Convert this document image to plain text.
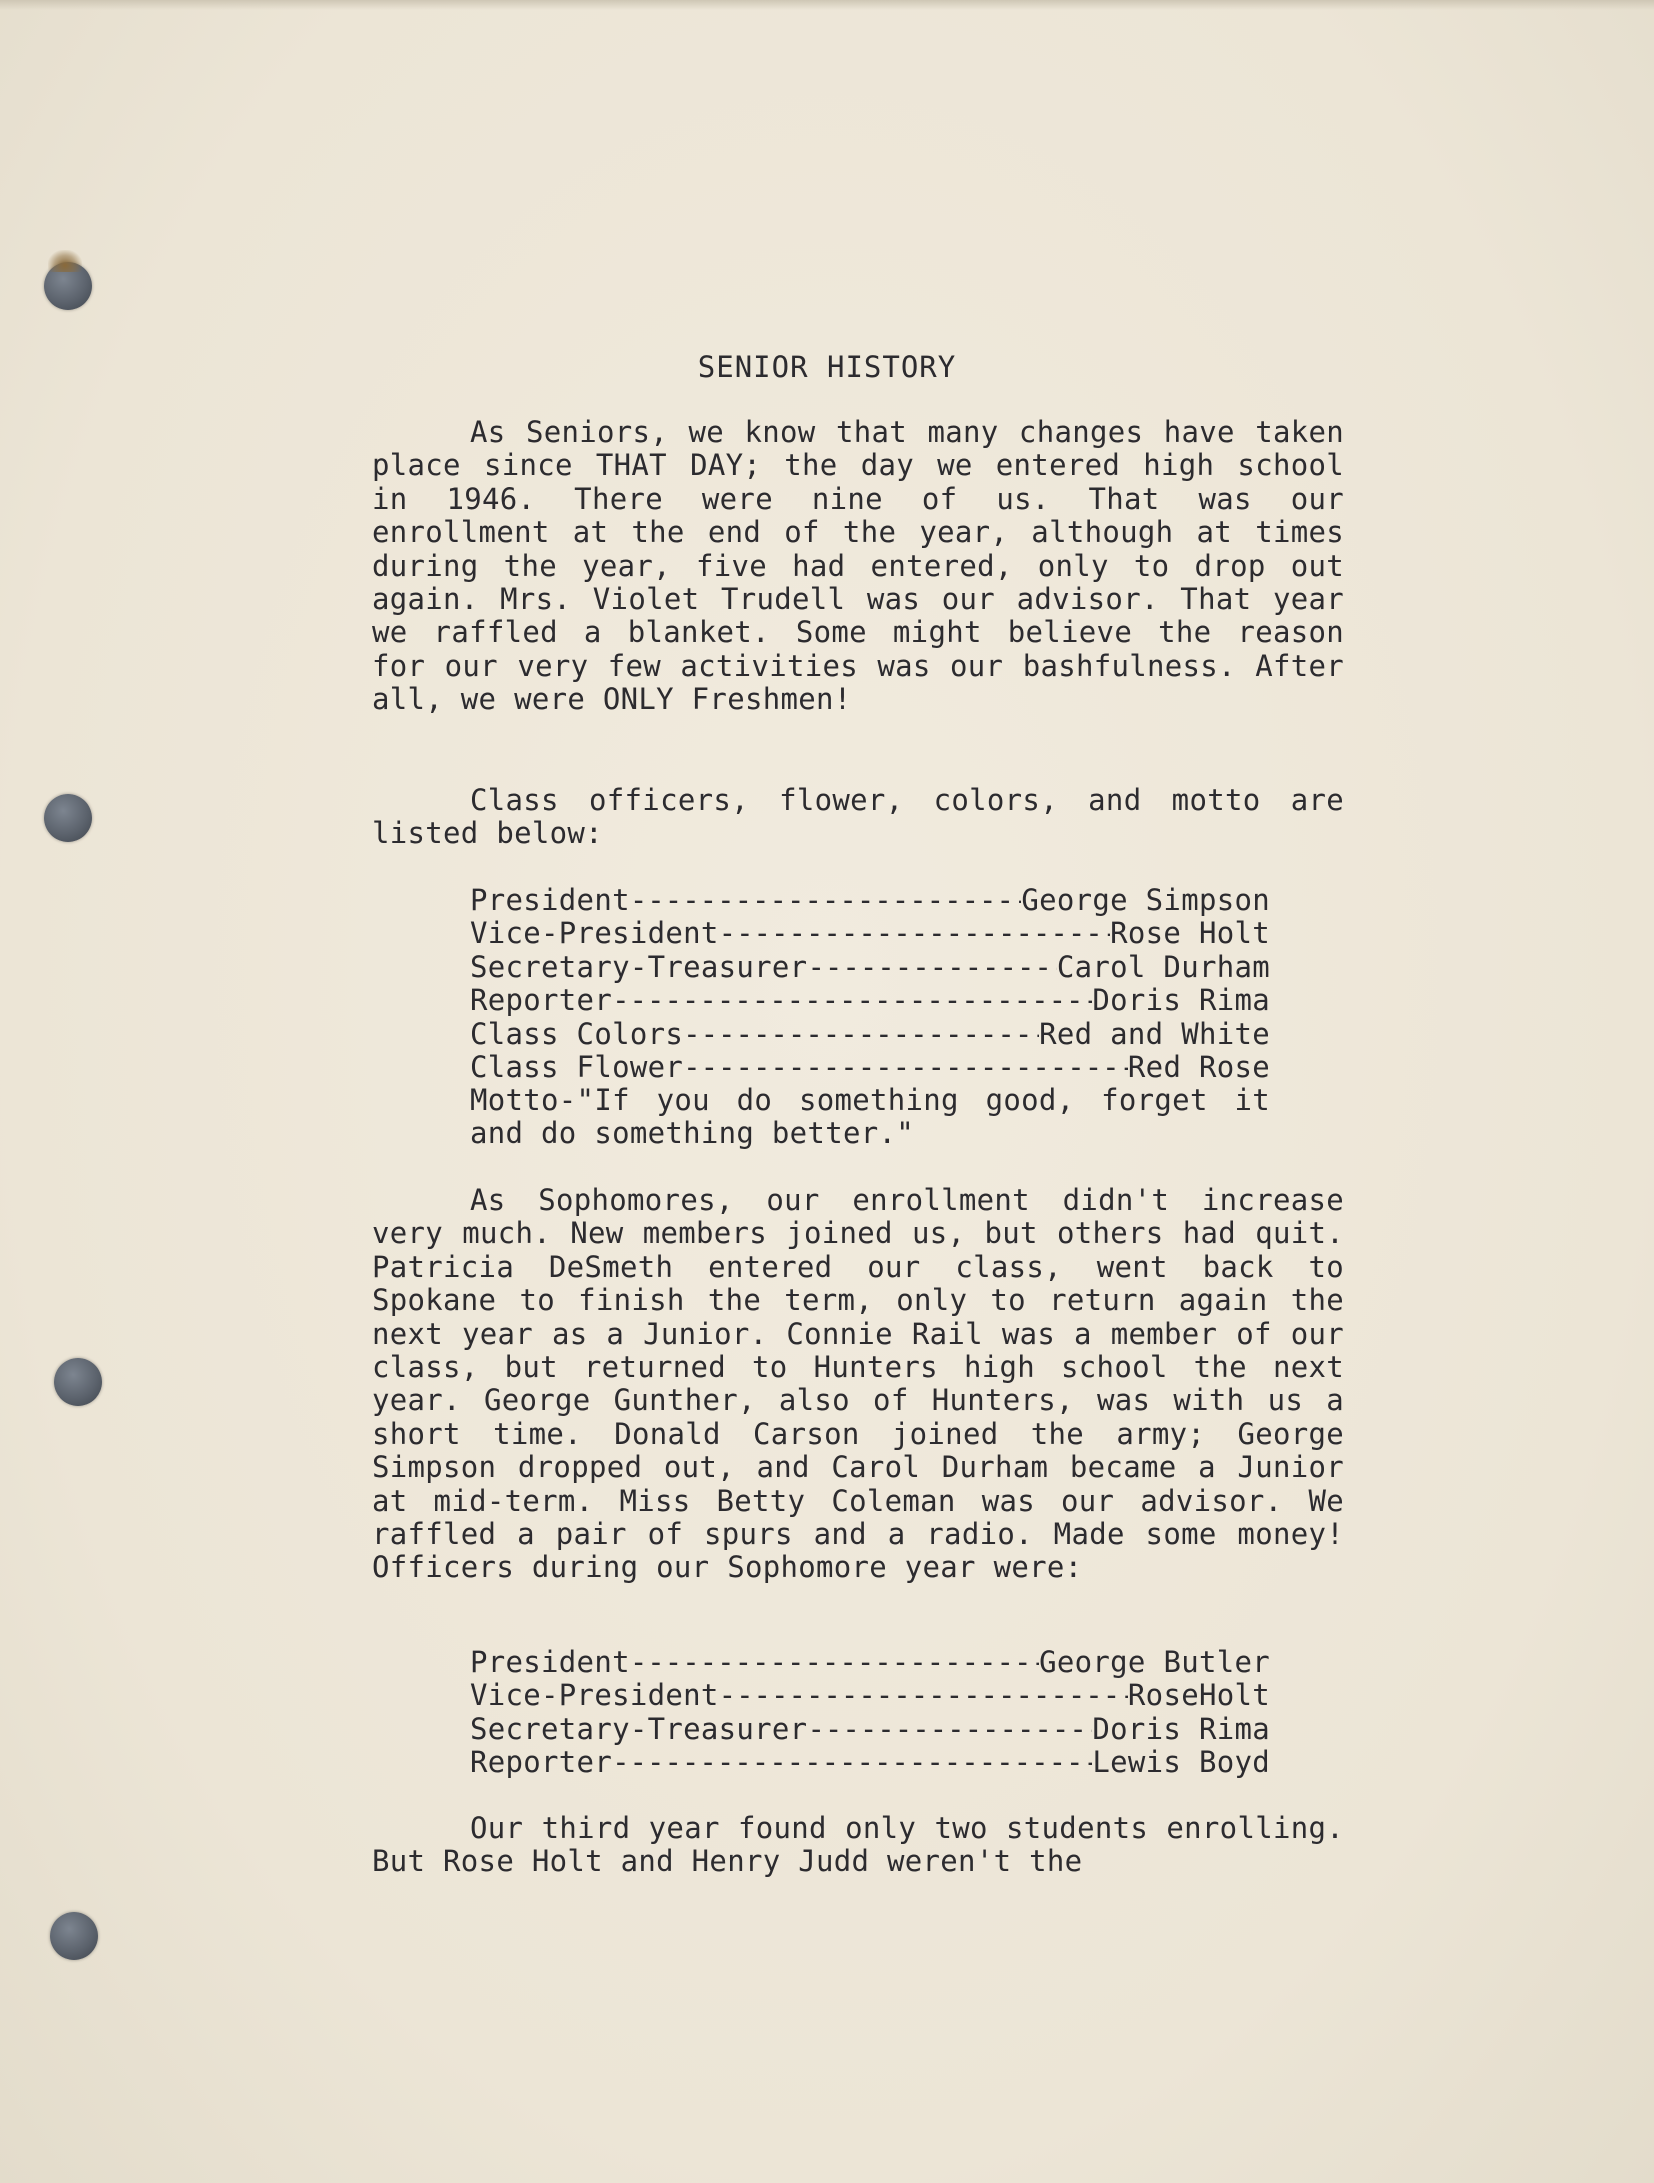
SENIOR HISTORY

As Seniors, we know that many changes have taken place since THAT DAY; the day we entered high school in 1946. There were nine of us. That was our enrollment at the end of the year, although at times during the year, five had entered, only to drop out again. Mrs. Violet Trudell was our advisor. That year we raffled a blanket. Some might believe the reason for our very few activities was our bashfulness. After all, we were ONLY Freshmen!

Class officers, flower, colors, and motto are listed below:

President -----	George Simpson
Vice-President -----	Rose Holt
Secretary-Treasurer -----	Carol Durham
Reporter -----	Doris Rima
Class Colors -----	Red and White
Class Flower -----	Red Rose

Motto-"If you do something good, forget it and do something better."

As Sophomores, our enrollment didn't increase very much. New members joined us, but others had quit. Patricia DeSmeth entered our class, went back to Spokane to finish the term, only to return again the next year as a Junior. Connie Rail was a member of our class, but returned to Hunters high school the next year. George Gunther, also of Hunters, was with us a short time. Donald Carson joined the army; George Simpson dropped out, and Carol Durham became a Junior at mid-term. Miss Betty Coleman was our advisor. We raffled a pair of spurs and a radio. Made some money! Officers during our Sophomore year were:

President -----	George Butler
Vice-President -----	RoseHolt
Secretary-Treasurer -----	Doris Rima
Reporter -----	Lewis Boyd

Our third year found only two students enrolling. But Rose Holt and Henry Judd weren't the
